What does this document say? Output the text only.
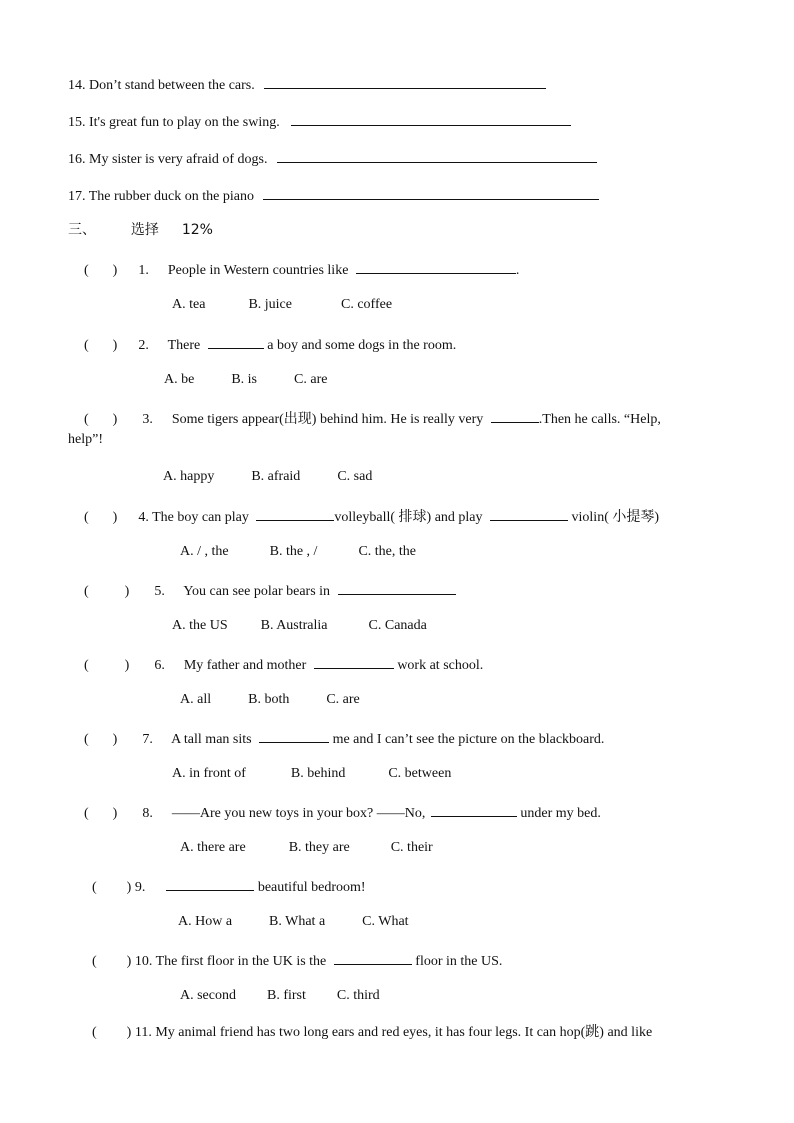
14. Don’t stand between the cars.
15. It's great fun to play on the swing.
16. My sister is very afraid of dogs.
17. The rubber duck on the piano
三、 选择 12%
( ) 1. People in Western countries like	.
A. tea	B. juice	C. coffee
( ) 2. There	a boy and some dogs in the room.
A. be	B. is	C. are
( ) 3. Some tigers appear(出现) behind him. He is really very	.Then he calls. “Help,
help”!
A. happy	B. afraid	C. sad
( ) 4. The boy can play	volleyball( 排球) and play	violin( 小提琴)
A. / , the	B. the , /	C. the, the
(	) 5. You can see polar bears in
A. the US B. Australia	C. Canada
(	) 6. My father and mother	work at school.
A. all	B. both	C. are
( ) 7. A tall man sits	me and I can’t see the picture on the blackboard.
A. in front of	B. behind	C. between
( ) 8. ——Are you new toys in your box? ——No,	under my bed.
A. there are	B. they are	C. their
( ) 9.	beautiful bedroom!
A. How a	B. What a	C. What
( ) 10. The first floor in the UK is the	floor in the US.
A. second B. first C. third
( ) 11. My animal friend has two long ears and red eyes, it has four legs. It can hop(跳) and like
